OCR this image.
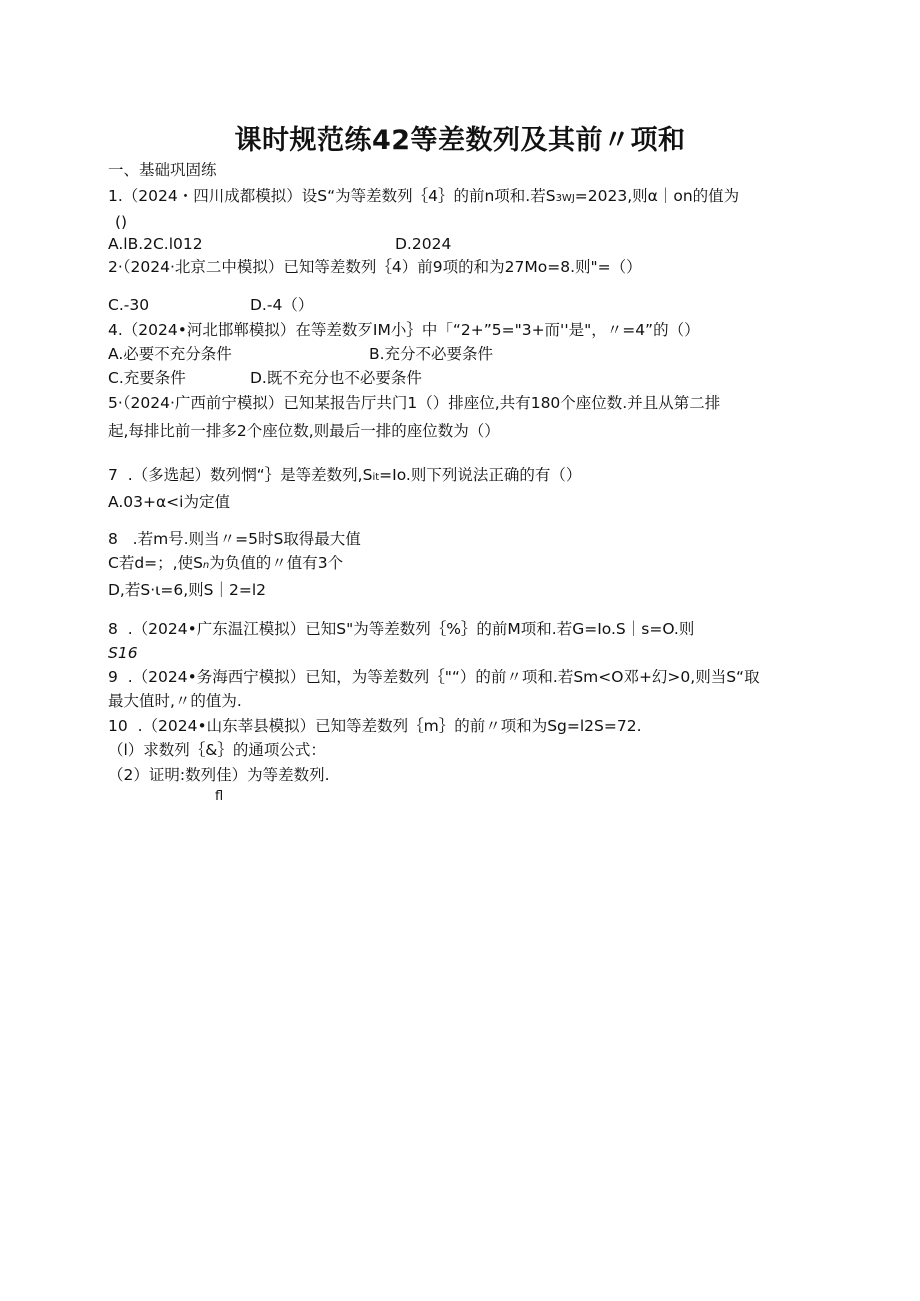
课时规范练42等差数列及其前〃项和
一、基础巩固练
1.（2024・四川成都模拟）设S“为等差数列｛4｝的前n项和.若S3WJ=2023,则α｜on的值为
()
A.lB.2C.l012	D.2024
2·（2024·北京二中模拟）已知等差数列｛4）前9项的和为27Mo=8.则"=（）
C.-30	D.-4（）
4.（2024•河北邯郸模拟）在等差数歹IM小｝中「“2+”5="3+而''是"，〃=4”的（）
A.必要不充分条件	B.充分不必要条件
C.充要条件	D.既不充分也不必要条件
5·（2024·广西前宁模拟）已知某报告厅共门1（）排座位,共有180个座位数.并且从第二排
起,每排比前一排多2个座位数,则最后一排的座位数为（）
7  .（多选起）数列惘“｝是等差数列,Sit=Io.则下列说法正确的有（）
A.03+α<i为定值
8   .若m号.则当〃=5时S取得最大值
C若d=；,使Sn为负值的〃值有3个
D,若S·ι=6,则S｜2=l2
8  .（2024•广东温江模拟）已知S"为等差数列｛%｝的前M项和.若G=Io.S｜s=O.则
S16
9  .（2024•务海西宁模拟）已知，为等差数列｛"“）的前〃项和.若Sm<O邓+幻>0,则当S“取
最大值时,〃的值为.
10  .（2024•山东莘县模拟）已知等差数列｛m｝的前〃项和为Sg=l2S=72.
（l）求数列｛&｝的通项公式：
（2）证明:数列佳）为等差数列.
fl
